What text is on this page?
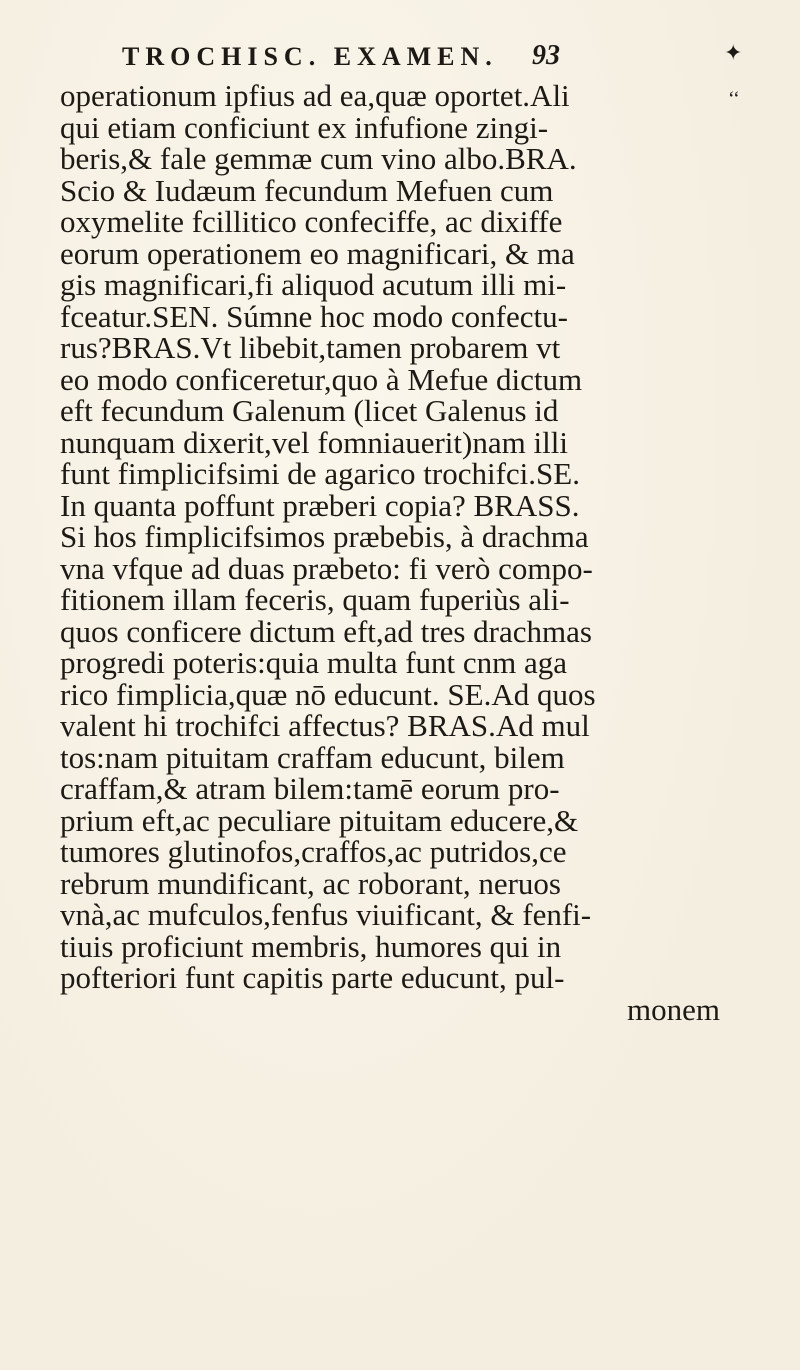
TROCHISC. EXAMEN. 93	✦
‘‘
operationum ipfius ad ea,quæ oportet.Ali
qui etiam conficiunt ex infufione zingi-
beris,& fale gemmæ cum vino albo.BRA.
Scio & Iudæum fecundum Mefuen cum
oxymelite fcillitico confeciffe, ac dixiffe
eorum operationem eo magnificari, & ma
gis magnificari,fi aliquod acutum illi mi-
fceatur.SEN. Súmne hoc modo confectu-
rus?BRAS.Vt libebit,tamen probarem vt
eo modo conficeretur,quo à Mefue dictum
eft fecundum Galenum (licet Galenus id
nunquam dixerit,vel fomniauerit)nam illi
funt fimplicifsimi de agarico trochifci.SE.
In quanta poffunt præberi copia? BRASS.
Si hos fimplicifsimos præbebis, à drachma
vna vfque ad duas præbeto: fi verò compo-
fitionem illam feceris, quam fuperiùs ali-
quos conficere dictum eft,ad tres drachmas
progredi poteris:quia multa funt cnm aga
rico fimplicia,quæ nō educunt. SE.Ad quos
valent hi trochifci affectus? BRAS.Ad mul
tos:nam pituitam craffam educunt, bilem
craffam,& atram bilem:tamē eorum pro-
prium eft,ac peculiare pituitam educere,&
tumores glutinofos,craffos,ac putridos,ce
rebrum mundificant, ac roborant, neruos
vnà,ac mufculos,fenfus viuificant, & fenfi-
tiuis proficiunt membris, humores qui in
pofteriori funt capitis parte educunt, pul-
monem
